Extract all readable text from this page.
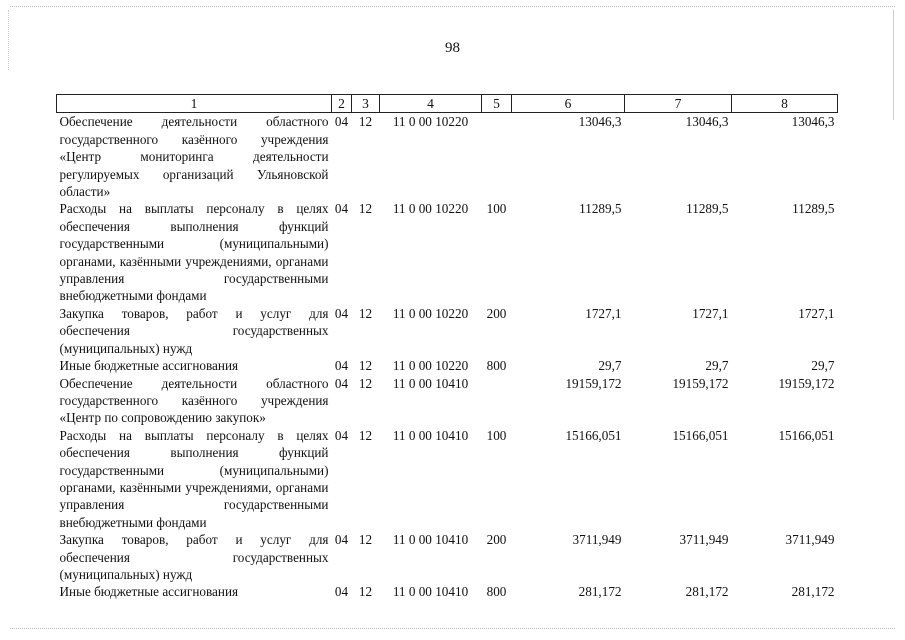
98
1	2	3	4	5	6	7	8
Обеспечение деятельности областного государственного казённого учреждения «Центр мониторинга деятельности регулируемых организаций Ульяновской области»	04	12	11 0 00 10220		13046,3	13046,3	13046,3
Расходы на выплаты персоналу в целях обеспечения выполнения функций государственными (муниципальными) органами, казёнными учреждениями, органами управления государственными внебюджетными фондами	04	12	11 0 00 10220	100	11289,5	11289,5	11289,5
Закупка товаров, работ и услуг для обеспечения государственных (муниципальных) нужд	04	12	11 0 00 10220	200	1727,1	1727,1	1727,1
Иные бюджетные ассигнования	04	12	11 0 00 10220	800	29,7	29,7	29,7
Обеспечение деятельности областного государственного казённого учреждения «Центр по сопровождению закупок»	04	12	11 0 00 10410		19159,172	19159,172	19159,172
Расходы на выплаты персоналу в целях обеспечения выполнения функций государственными (муниципальными) органами, казёнными учреждениями, органами управления государственными внебюджетными фондами	04	12	11 0 00 10410	100	15166,051	15166,051	15166,051
Закупка товаров, работ и услуг для обеспечения государственных (муниципальных) нужд	04	12	11 0 00 10410	200	3711,949	3711,949	3711,949
Иные бюджетные ассигнования	04	12	11 0 00 10410	800	281,172	281,172	281,172
